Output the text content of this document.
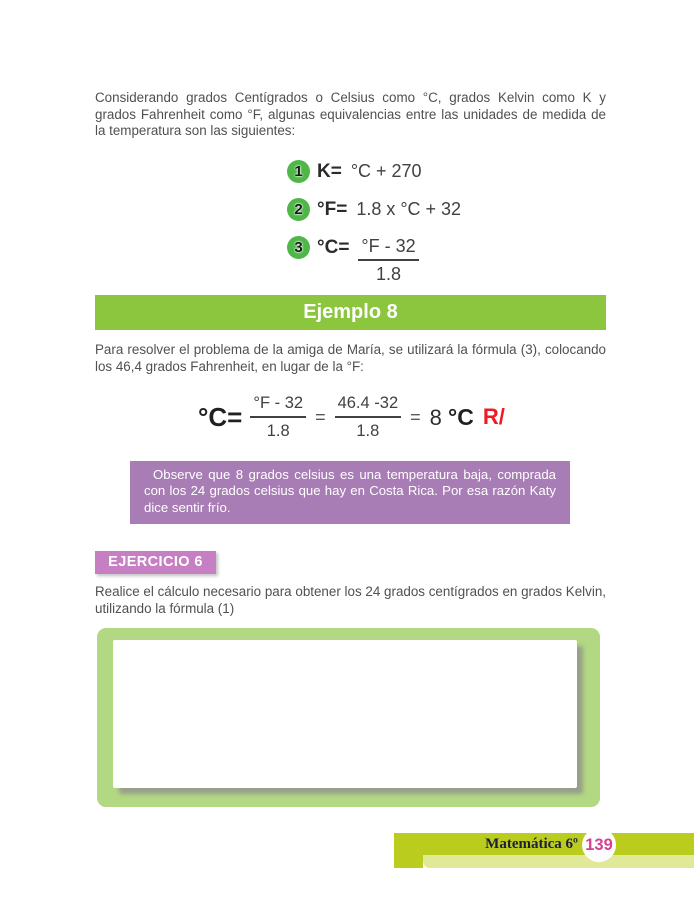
Considerando grados Centígrados o Celsius como °C, grados Kelvin como K y grados Fahrenheit como °F, algunas equivalencias entre las unidades de medida de la temperatura son las siguientes:

1 K= °C + 270
2 °F= 1.8 x °C + 32
3 $^\circ C= \frac{^\circ F - 32}{1.8}$
Ejemplo 8

Para resolver el problema de la amiga de María, se utilizará la fórmula (3), colocando los 46,4 grados Fahrenheit, en lugar de la °F:

$^\circ C= \frac{^\circ F - 32}{1.8} = \frac{46.4 -32}{1.8} = 8$ °C R/
Observe que 8 grados celsius es una temperatura baja, comprada con los 24 grados celsius que hay en Costa Rica. Por esa razón Katy dice sentir frío.
EJERCICIO 6

Realice el cálculo necesario para obtener los 24 grados centígrados en grados Kelvin, utilizando la fórmula (1)

Matemática 6º 139
